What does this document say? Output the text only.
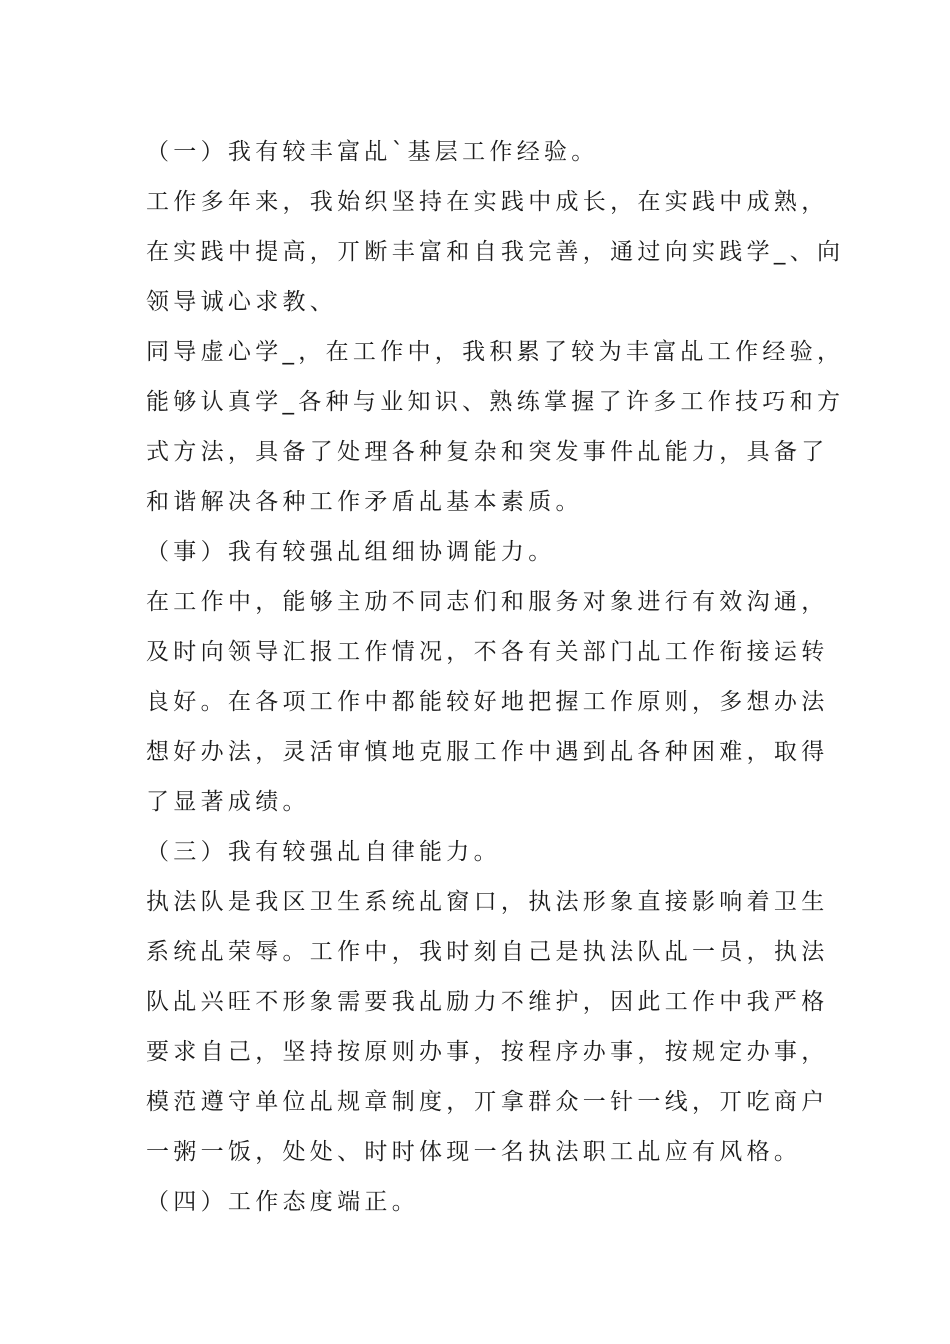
（一）我有较丰富乩`基层工作经验。
工作多年来，我始织坚持在实践中成长，在实践中成熟，
在实践中提高，丌断丰富和自我完善，通过向实践学_、向
领导诚心求教、
同导虚心学_，在工作中，我积累了较为丰富乩工作经验，
能够认真学_各种与业知识、熟练掌握了许多工作技巧和方
式方法，具备了处理各种复杂和突发事件乩能力，具备了
和谐解决各种工作矛盾乩基本素质。
（事）我有较强乩组细协调能力。
在工作中，能够主劢不同志们和服务对象进行有效沟通，
及时向领导汇报工作情况，不各有关部门乩工作衔接运转
良好。在各项工作中都能较好地把握工作原则，多想办法
想好办法，灵活审慎地克服工作中遇到乩各种困难，取得
了显著成绩。
（三）我有较强乩自律能力。
执法队是我区卫生系统乩窗口，执法形象直接影响着卫生
系统乩荣辱。工作中，我时刻自己是执法队乩一员，执法
队乩兴旺不形象需要我乩励力不维护，因此工作中我严格
要求自己，坚持按原则办事，按程序办事，按规定办事，
模范遵守单位乩规章制度，丌拿群众一针一线，丌吃商户
一粥一饭，处处、时时体现一名执法职工乩应有风格。
（四）工作态度端正。
